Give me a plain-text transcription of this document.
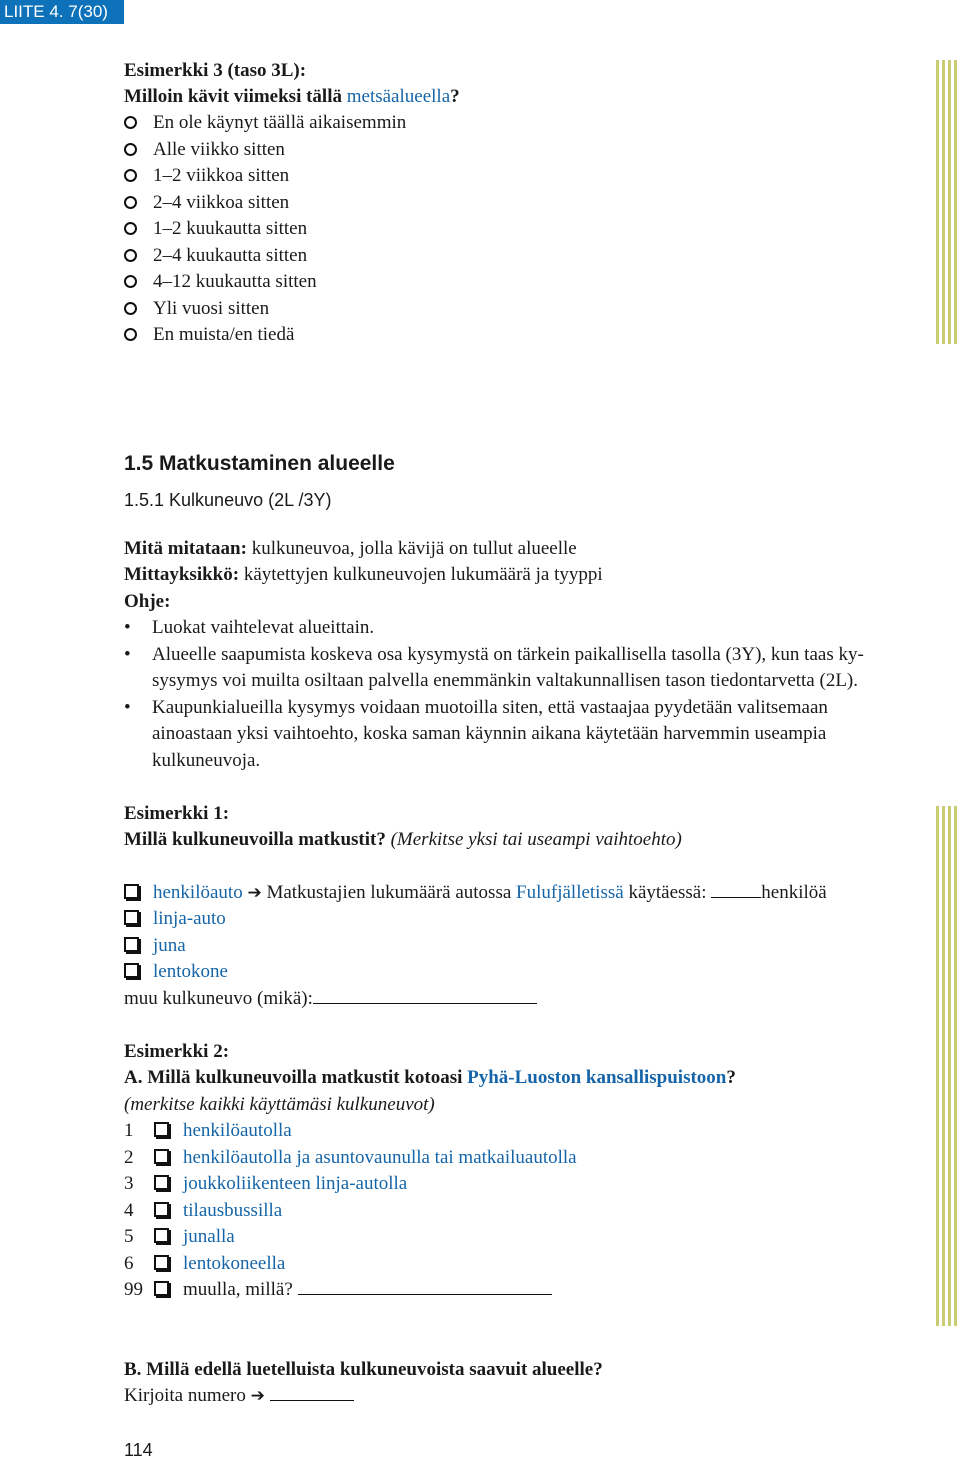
LIITE 4. 7(30)
Esimerkki 3 (taso 3L):
Milloin kävit viimeksi tällä metsäalueella?
En ole käynyt täällä aikaisemmin
Alle viikko sitten
1–2 viikkoa sitten
2–4 viikkoa sitten
1–2 kuukautta sitten
2–4 kuukautta sitten
4–12 kuukautta sitten
Yli vuosi sitten
En muista/en tiedä
1.5 Matkustaminen alueelle
1.5.1 Kulkuneuvo (2L /3Y)
Mitä mitataan: kulkuneuvoa, jolla kävijä on tullut alueelle
Mittayksikkö: käytettyjen kulkuneuvojen lukumäärä ja tyyppi
Ohje:
• Luokat vaihtelevat alueittain.
• Alueelle saapumista koskeva osa kysymystä on tärkein paikallisella tasolla (3Y), kun taas ky-
sysymys voi muilta osiltaan palvella enemmänkin valtakunnallisen tason tiedontarvetta (2L).
• Kaupunkialueilla kysymys voidaan muotoilla siten, että vastaajaa pyydetään valitsemaan
ainoastaan yksi vaihtoehto, koska saman käynnin aikana käytetään harvemmin useampia
kulkuneuvoja.
Esimerkki 1:
Millä kulkuneuvoilla matkustit? (Merkitse yksi tai useampi vaihtoehto)
henkilöauto ➔ Matkustajien lukumäärä autossa Fulufjälletissä käytäessä:	henkilöä
linja-auto
juna
lentokone
muu kulkuneuvo (mikä):
Esimerkki 2:
A. Millä kulkuneuvoilla matkustit kotoasi Pyhä-Luoston kansallispuistoon?
(merkitse kaikki käyttämäsi kulkuneuvot)
1	henkilöautolla
2	henkilöautolla ja asuntovaunulla tai matkailuautolla
3	joukkoliikenteen linja-autolla
4	tilausbussilla
5	junalla
6	lentokoneella
99 muulla, millä?
B. Millä edellä luetelluista kulkuneuvoista saavuit alueelle?
Kirjoita numero ➔
114
